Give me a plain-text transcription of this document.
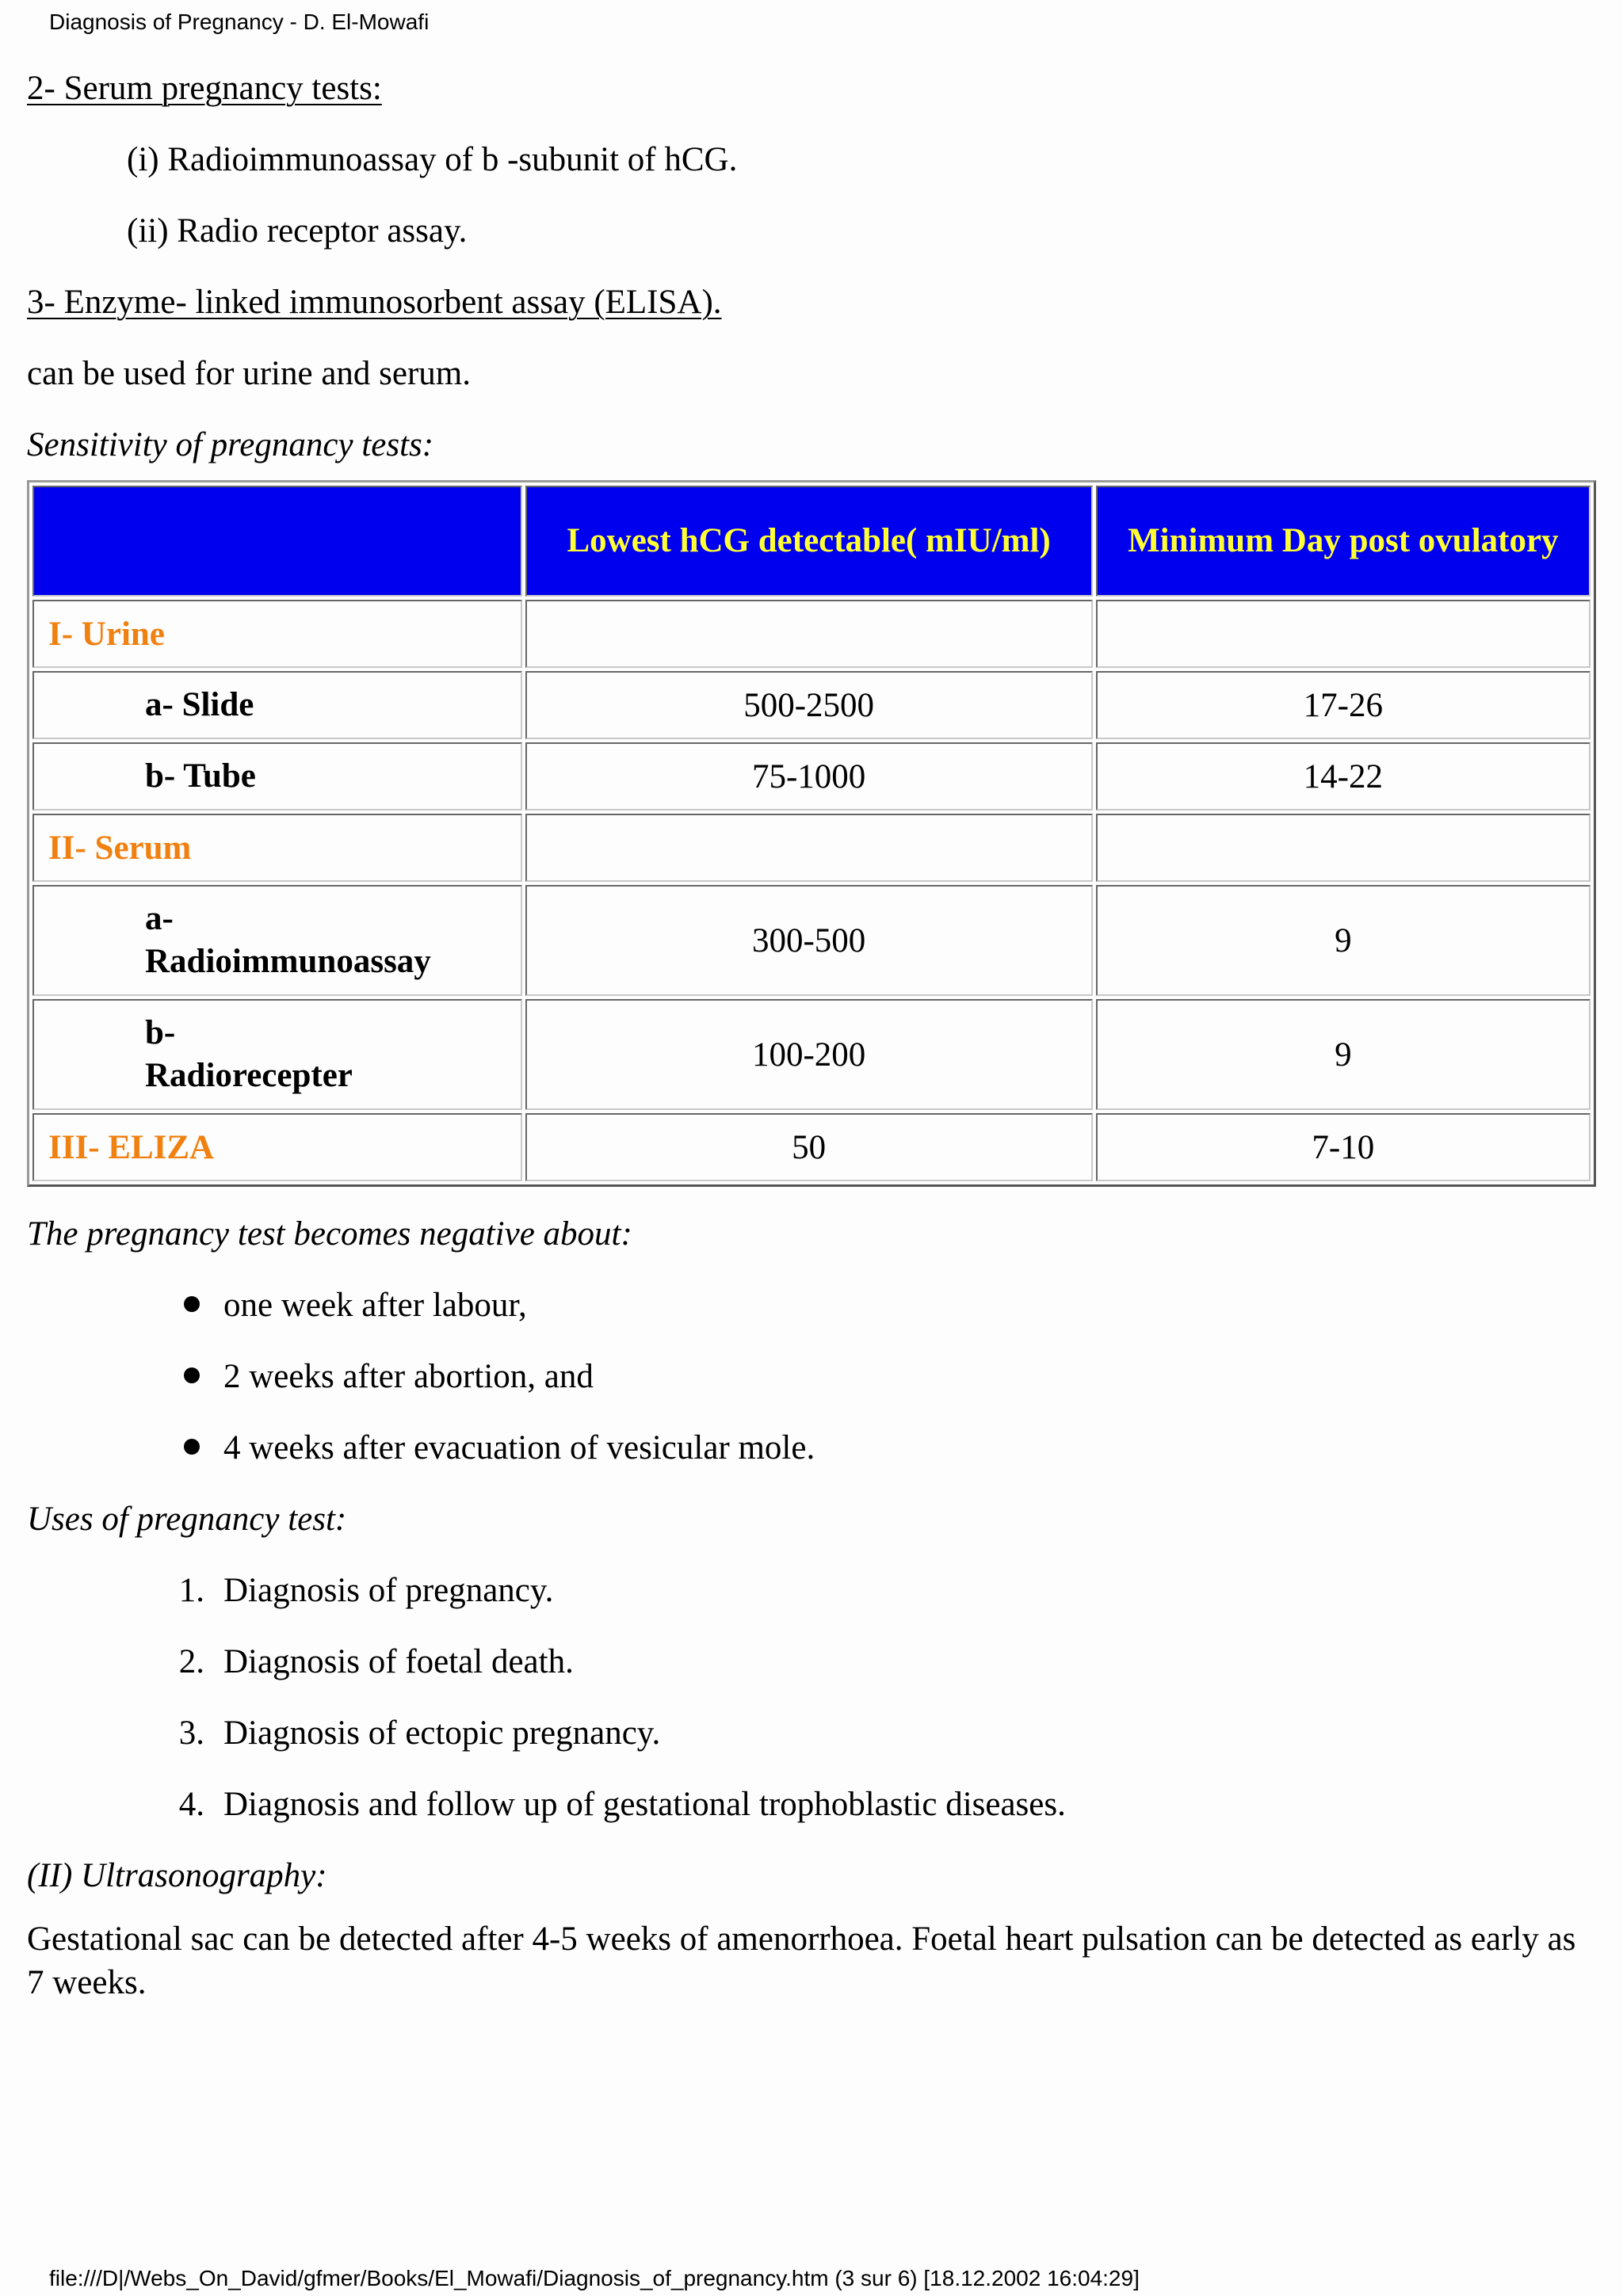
Diagnosis of Pregnancy - D. El-Mowafi
2- Serum pregnancy tests:
(i) Radioimmunoassay of b -subunit of hCG.
(ii) Radio receptor assay.
3- Enzyme- linked immunosorbent assay (ELISA).
can be used for urine and serum.
Sensitivity of pregnancy tests:
	Lowest hCG detectable( mIU/ml)	Minimum Day post ovulatory
I- Urine		
a- Slide	500-2500	17-26
b- Tube	75-1000	14-22
II- Serum		

a-
Radioimmunoassay	300-500	9

b-
Radiorecepter	100-200	9
III- ELIZA	50	7-10
The pregnancy test becomes negative about:
one week after labour,
2 weeks after abortion, and
4 weeks after evacuation of vesicular mole.
Uses of pregnancy test:
1. Diagnosis of pregnancy.
2. Diagnosis of foetal death.
3. Diagnosis of ectopic pregnancy.
4. Diagnosis and follow up of gestational trophoblastic diseases.
(II) Ultrasonography:
Gestational sac can be detected after 4-5 weeks of amenorrhoea. Foetal heart pulsation can be detected as early as 7 weeks.
file:///D|/Webs_On_David/gfmer/Books/El_Mowafi/Diagnosis_of_pregnancy.htm (3 sur 6) [18.12.2002 16:04:29]
